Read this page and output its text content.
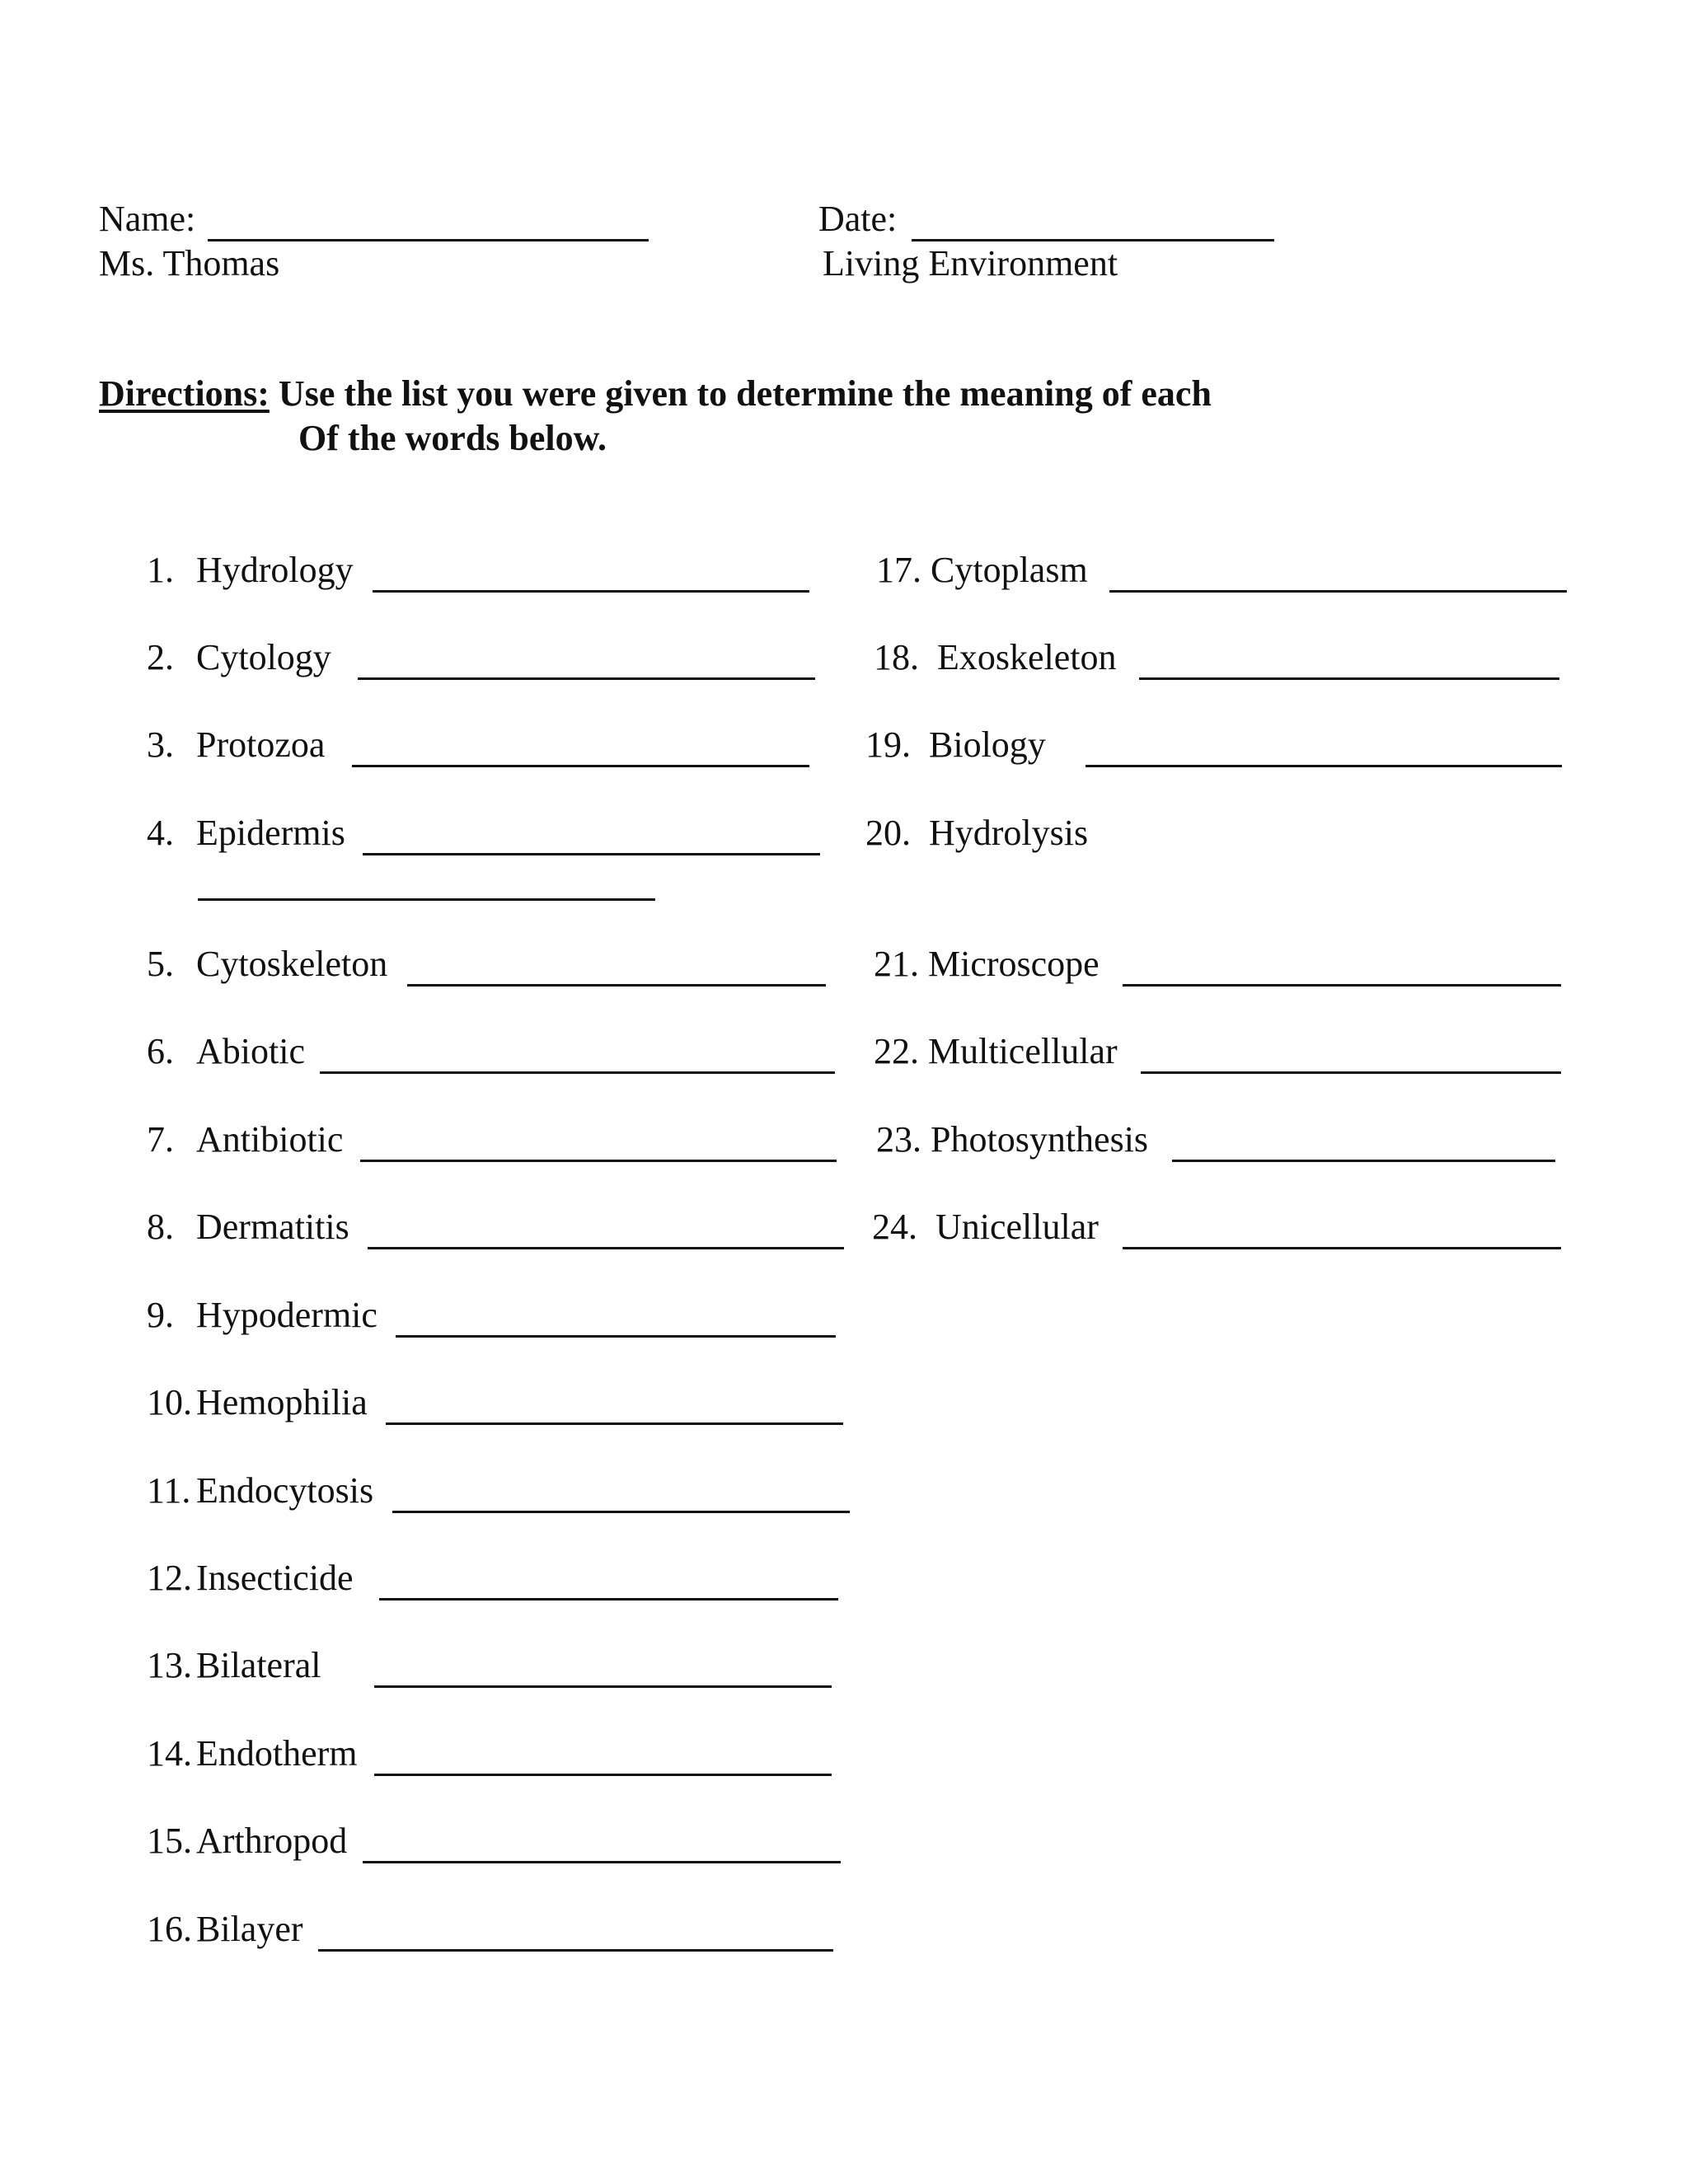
Name:	Date:
Ms. Thomas	Living Environment
Directions: Use the list you were given to determine the meaning of each
Of the words below.
1. Hydrology
2. Cytology
3. Protozoa
4. Epidermis
5. Cytoskeleton
6. Abiotic
7. Antibiotic
8. Dermatitis
9. Hypodermic
10. Hemophilia
11. Endocytosis
12. Insecticide
13. Bilateral
14. Endotherm
15. Arthropod
16. Bilayer
17. Cytoplasm
18. Exoskeleton
19. Biology
20. Hydrolysis
21. Microscope
22. Multicellular
23. Photosynthesis
24. Unicellular
